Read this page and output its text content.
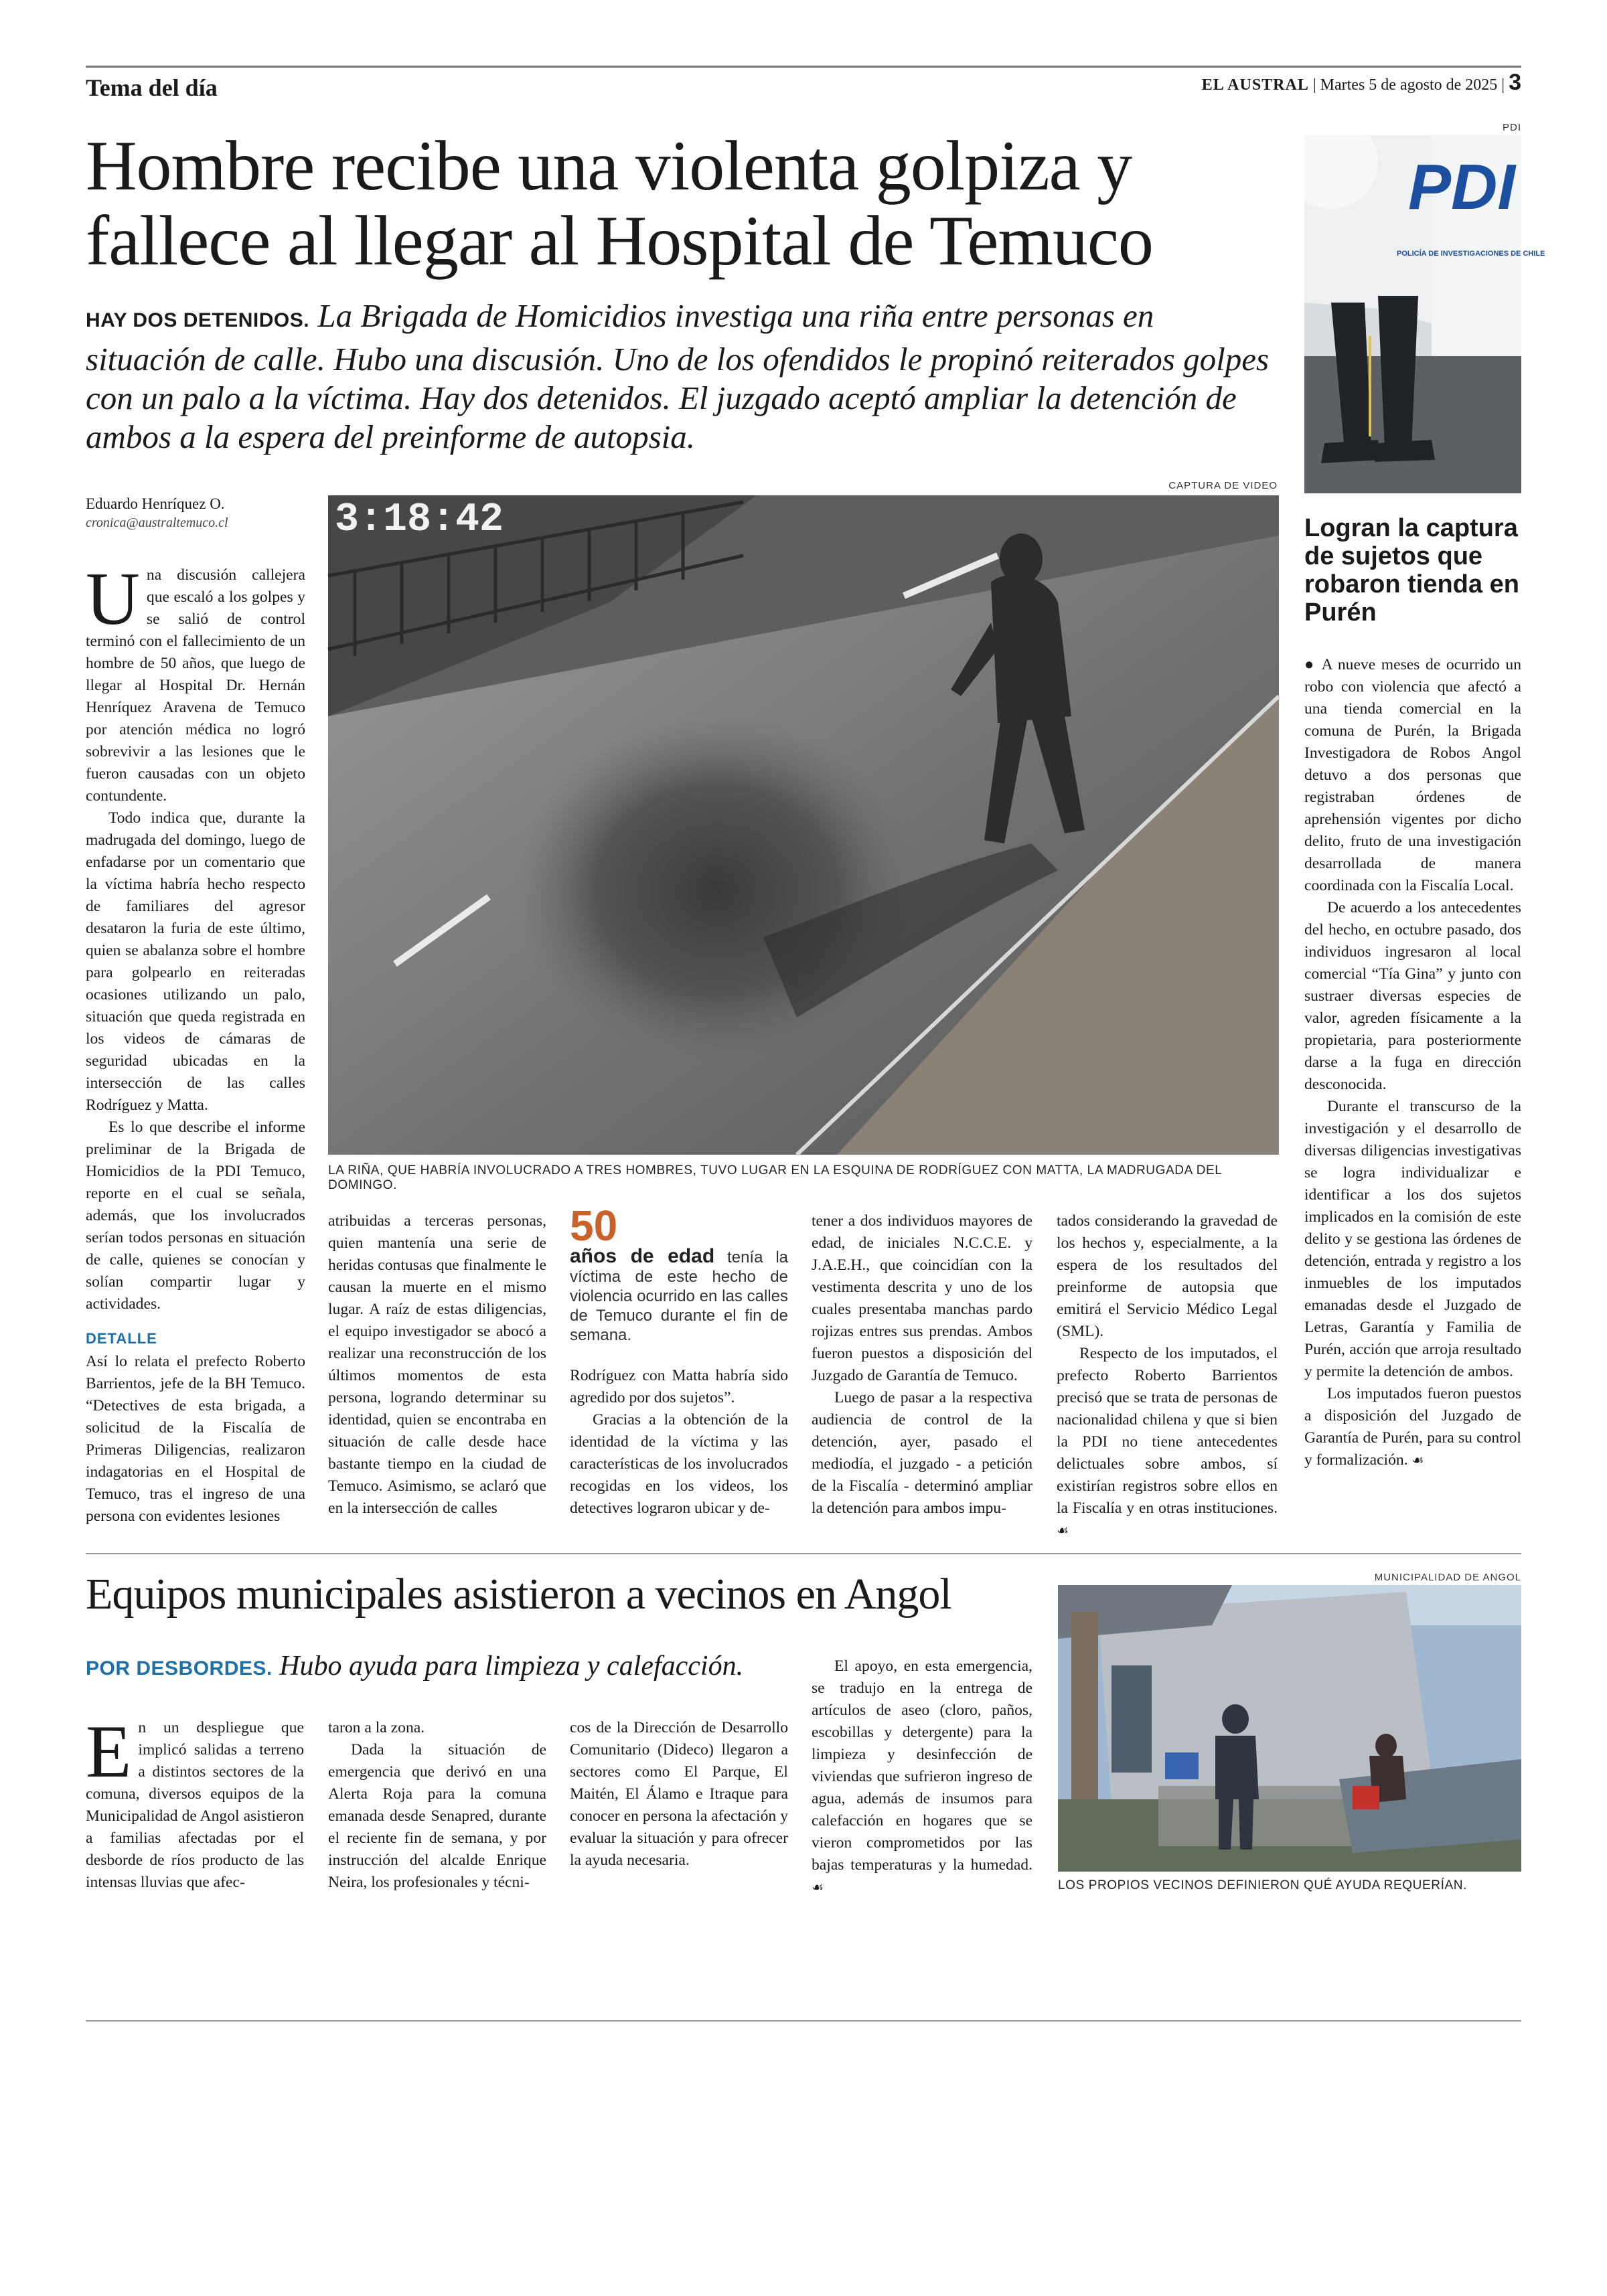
Tema del día	EL AUSTRAL | Martes 5 de agosto de 2025 | 3
Hombre recibe una violenta golpiza y
fallece al llegar al Hospital de Temuco
HAY DOS DETENIDOS. La Brigada de Homicidios investiga una riña entre personas en situación de calle. Hubo una discusión. Uno de los ofendidos le propinó reiterados golpes con un palo a la víctima. Hay dos detenidos. El juzgado aceptó ampliar la detención de ambos a la espera del preinforme de autopsia.
Eduardo Henríquez O.
cronica@australtemuco.cl
CAPTURA DE VIDEO
3:18:42
LA RIÑA, QUE HABRÍA INVOLUCRADO A TRES HOMBRES, TUVO LUGAR EN LA ESQUINA DE RODRÍGUEZ CON MATTA, LA MADRUGADA DEL DOMINGO.

Una discusión callejera que escaló a los golpes y se salió de control terminó con el fallecimiento de un hombre de 50 años, que luego de llegar al Hospital Dr. Hernán Henríquez Aravena de Temuco por atención médica no logró sobrevivir a las lesiones que le fueron causadas con un objeto contundente.

Todo indica que, durante la madrugada del domingo, luego de enfadarse por un comentario que la víctima habría hecho respecto de familiares del agresor desataron la furia de este último, quien se abalanza sobre el hombre para golpearlo en reiteradas ocasiones utilizando un palo, situación que queda registrada en los videos de cámaras de seguridad ubicadas en la intersección de las calles Rodríguez y Matta.

Es lo que describe el informe preliminar de la Brigada de Homicidios de la PDI Temuco, reporte en el cual se señala, además, que los involucrados serían todos personas en situación de calle, quienes se conocían y solían compartir lugar y actividades.

DETALLE

Así lo relata el prefecto Roberto Barrientos, jefe de la BH Temuco. “Detectives de esta brigada, a solicitud de la Fiscalía de Primeras Diligencias, realizaron indagatorias en el Hospital de Temuco, tras el ingreso de una persona con evidentes lesiones

atribuidas a terceras personas, quien mantenía una serie de heridas contusas que finalmente le causan la muerte en el mismo lugar. A raíz de estas diligencias, el equipo investigador se abocó a realizar una reconstrucción de los últimos momentos de esta persona, logrando determinar su identidad, quien se encontraba en situación de calle desde hace bastante tiempo en la ciudad de Temuco. Asimismo, se aclaró que en la intersección de calles

50
años de edad tenía la víctima de este hecho de violencia ocurrido en las calles de Temuco durante el fin de semana.

Rodríguez con Matta habría sido agredido por dos sujetos”.

Gracias a la obtención de la identidad de la víctima y las características de los involucrados recogidas en los videos, los detectives lograron ubicar y de-

tener a dos individuos mayores de edad, de iniciales N.C.C.E. y J.A.E.H., que coincidían con la vestimenta descrita y uno de los cuales presentaba manchas pardo rojizas entres sus prendas. Ambos fueron puestos a disposición del Juzgado de Garantía de Temuco.

Luego de pasar a la respectiva audiencia de control de la detención, ayer, pasado el mediodía, el juzgado - a petición de la Fiscalía - determinó ampliar la detención para ambos impu-

tados considerando la gravedad de los hechos y, especialmente, a la espera de los resultados del preinforme de autopsia que emitirá el Servicio Médico Legal (SML).

Respecto de los imputados, el prefecto Roberto Barrientos precisó que se trata de personas de nacionalidad chilena y que si bien la PDI no tiene antecedentes delictuales sobre ambos, sí existirían registros sobre ellos en la Fiscalía y en otras instituciones. ☙

PDI
PDI
POLICÍA DE INVESTIGACIONES DE CHILE
Logran la captura de sujetos que robaron tienda en Purén

● A nueve meses de ocurrido un robo con violencia que afectó a una tienda comercial en la comuna de Purén, la Brigada Investigadora de Robos Angol detuvo a dos personas que registraban órdenes de aprehensión vigentes por dicho delito, fruto de una investigación desarrollada de manera coordinada con la Fiscalía Local.

De acuerdo a los antecedentes del hecho, en octubre pasado, dos individuos ingresaron al local comercial “Tía Gina” y junto con sustraer diversas especies de valor, agreden físicamente a la propietaria, para posteriormente darse a la fuga en dirección desconocida.

Durante el transcurso de la investigación y el desarrollo de diversas diligencias investigativas se logra individualizar e identificar a los dos sujetos implicados en la comisión de este delito y se gestiona las órdenes de detención, entrada y registro a los inmuebles de los imputados emanadas desde el Juzgado de Letras, Garantía y Familia de Purén, acción que arroja resultado y permite la detención de ambos.

Los imputados fueron puestos a disposición del Juzgado de Garantía de Purén, para su control y formalización. ☙

Equipos municipales asistieron a vecinos en Angol
POR DESBORDES. Hubo ayuda para limpieza y calefacción.

En un despliegue que implicó salidas a terreno a distintos sectores de la comuna, diversos equipos de la Municipalidad de Angol asistieron a familias afectadas por el desborde de ríos producto de las intensas lluvias que afec-

taron a la zona.

Dada la situación de emergencia que derivó en una Alerta Roja para la comuna emanada desde Senapred, durante el reciente fin de semana, y por instrucción del alcalde Enrique Neira, los profesionales y técni-

cos de la Dirección de Desarrollo Comunitario (Dideco) llegaron a sectores como El Parque, El Maitén, El Álamo e Itraque para conocer en persona la afectación y evaluar la situación y para ofrecer la ayuda necesaria.

El apoyo, en esta emergencia, se tradujo en la entrega de artículos de aseo (cloro, paños, escobillas y detergente) para la limpieza y desinfección de viviendas que sufrieron ingreso de agua, además de insumos para calefacción en hogares que se vieron comprometidos por las bajas temperaturas y la humedad. ☙

MUNICIPALIDAD DE ANGOL
LOS PROPIOS VECINOS DEFINIERON QUÉ AYUDA REQUERÍAN.
